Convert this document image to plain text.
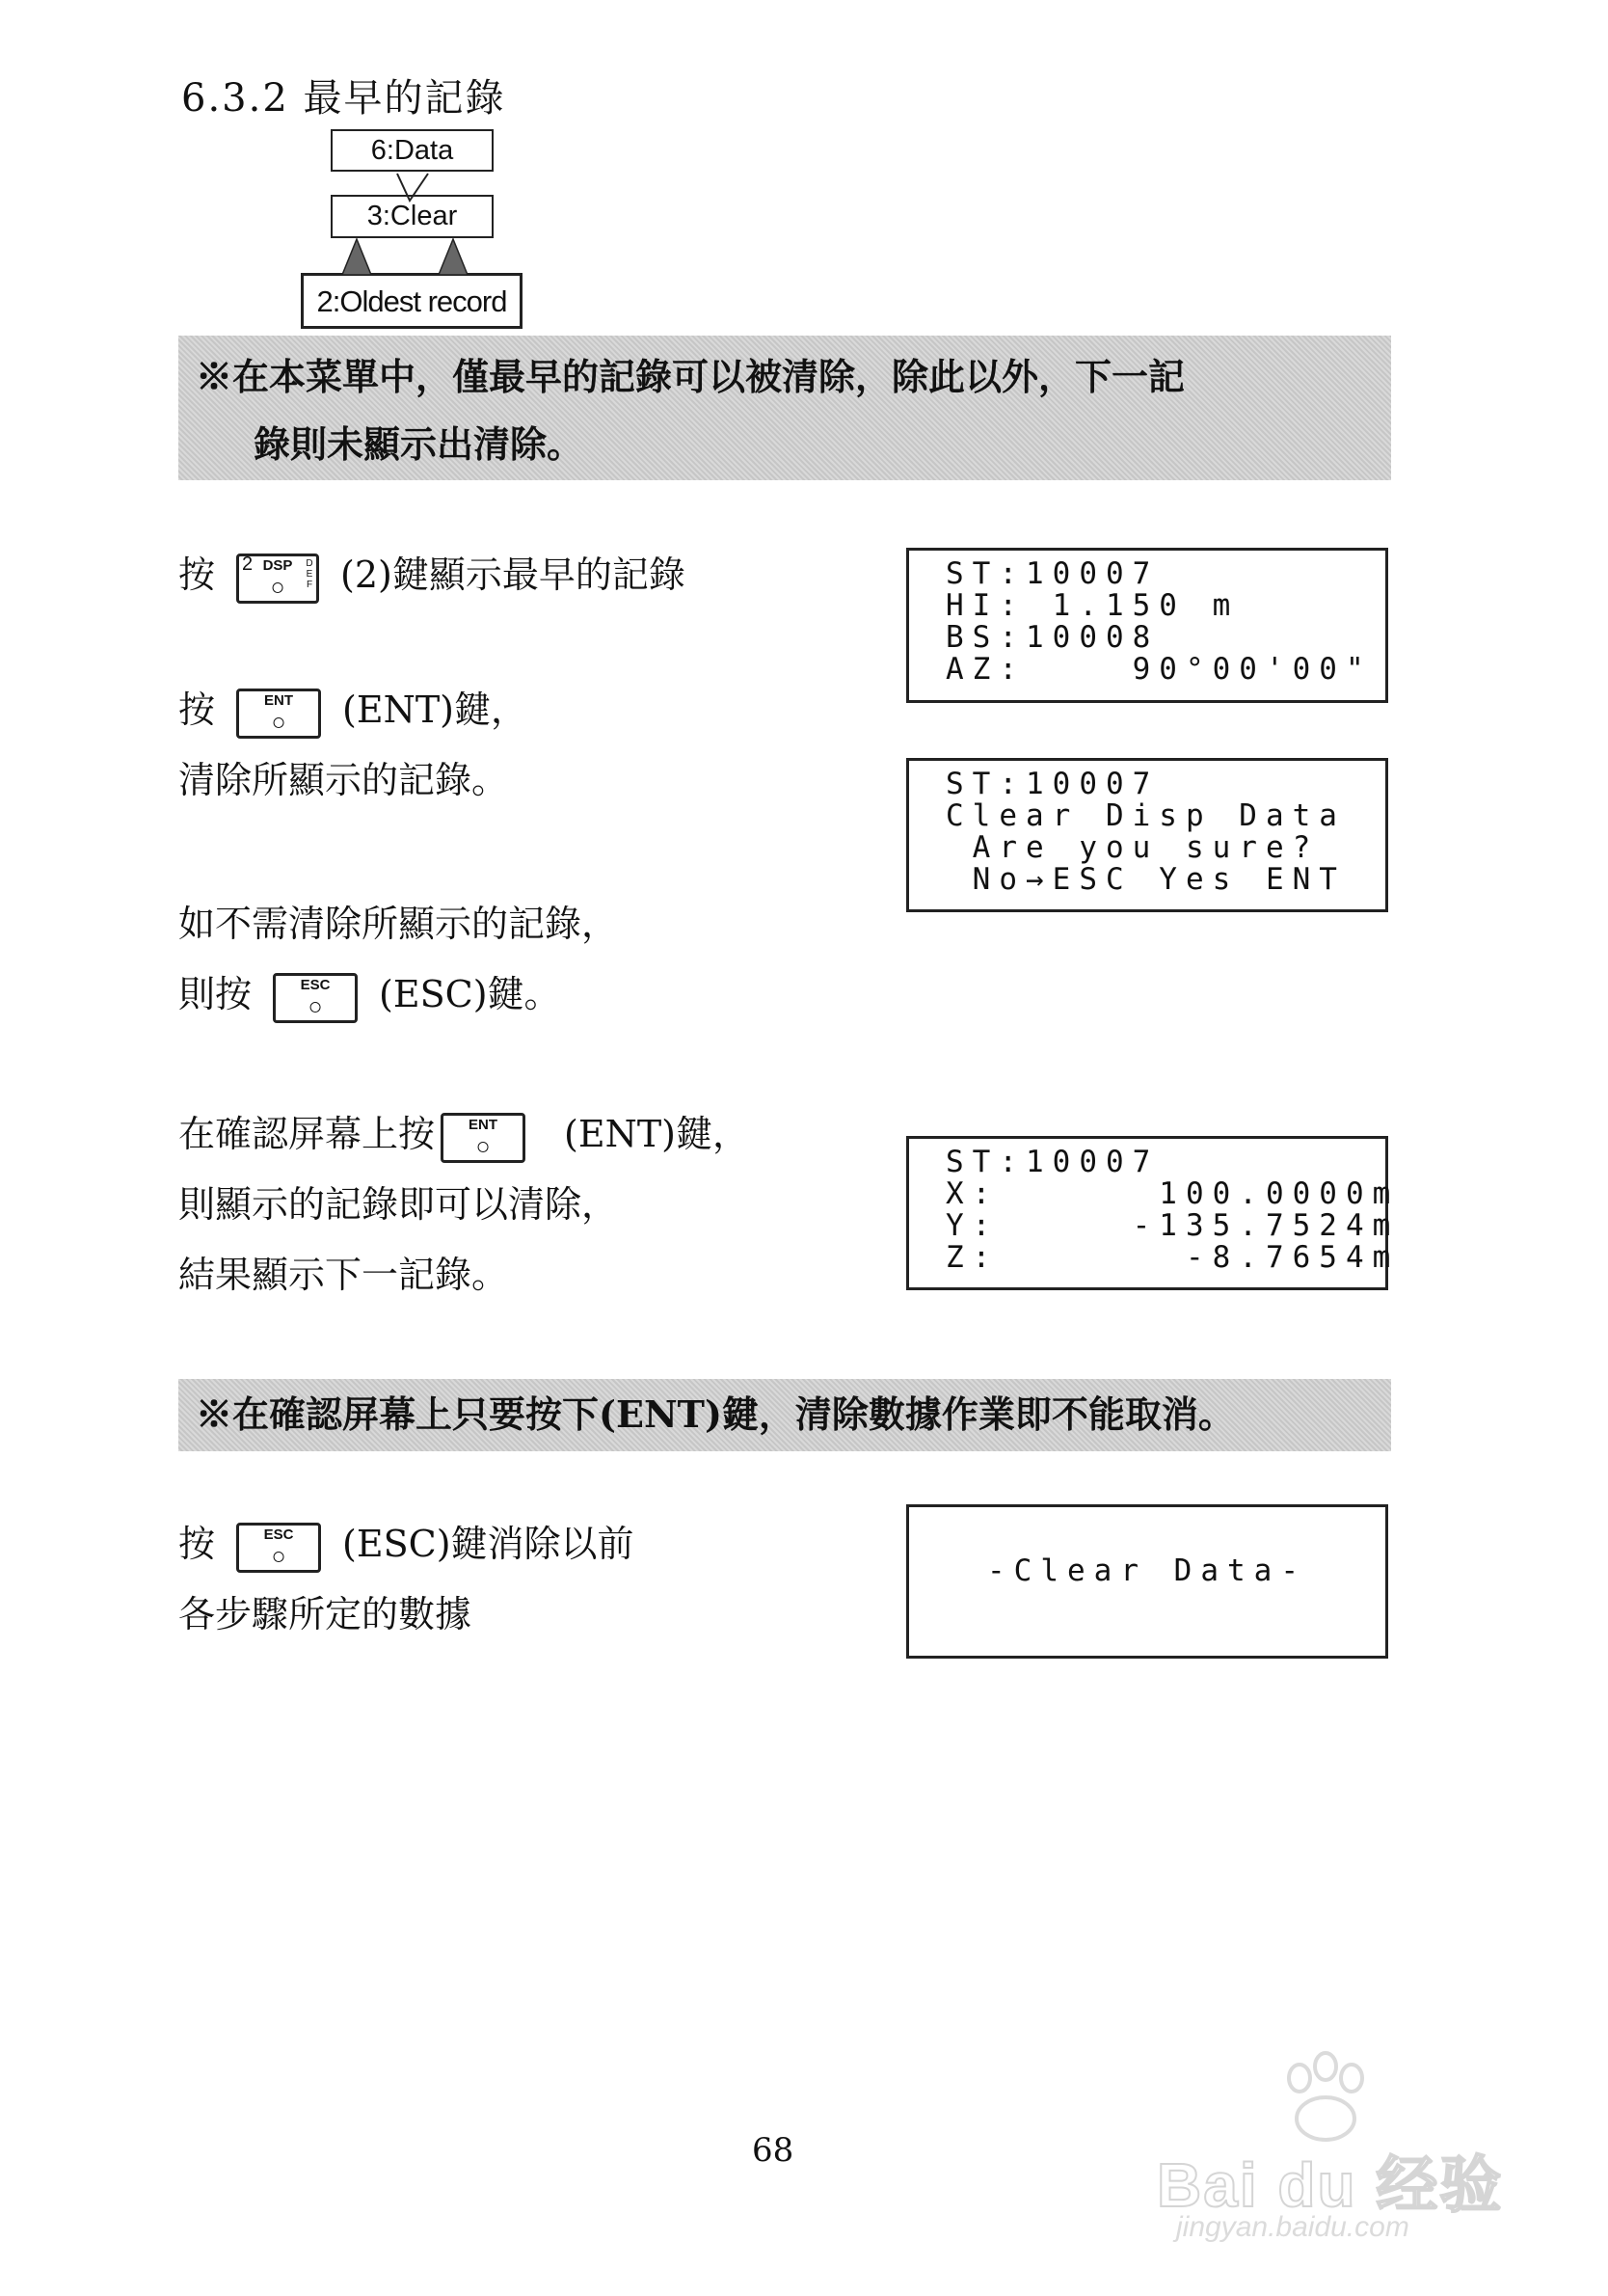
6.3.2 最早的記錄
6:Data
3:Clear
2:Oldest record
※在本菜單中，僅最早的記錄可以被清除，除此以外，下一記
錄則未顯示出清除。
按	DSP
2	D E F
○	(2)鍵顯示最早的記錄	ST:10007
HI: 1.150 m
BS:10008
AZ:    90°00'00"
按	ENT
○	(ENT)鍵，
清除所顯示的記錄。	ST:10007
Clear Disp Data
Are you sure?
No→ESC Yes ENT
如不需清除所顯示的記錄，
則按	ESC
○	(ESC)鍵。
在確認屏幕上按	ENT
○	(ENT)鍵，
則顯示的記錄即可以清除，
結果顯示下一記錄。
ST:10007
X:      100.0000m
Y:     -135.7524m
Z:       -8.7654m
※在確認屏幕上只要按下(ENT)鍵，清除數據作業即不能取消。
按	ESC
○	(ESC)鍵消除以前
各步驟所定的數據
-Clear Data-
68	Bai du 经验
jingyan.baidu.com
